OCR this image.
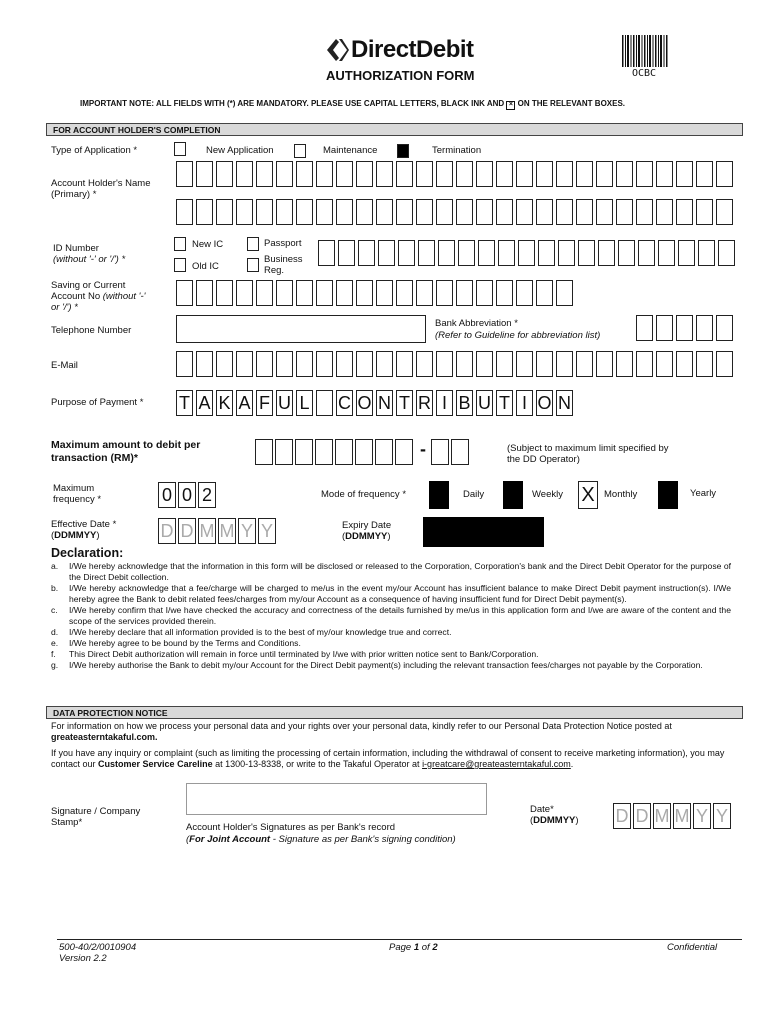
DirectDebit
AUTHORIZATION FORM	OCBC
IMPORTANT NOTE: ALL FIELDS WITH (*) ARE MANDATORY. PLEASE USE CAPITAL LETTERS, BLACK INK AND × ON THE RELEVANT BOXES.
FOR ACCOUNT HOLDER'S COMPLETION
Type of Application *	New Application	Maintenance	Termination
Account Holder's Name (Primary) *
ID Number
(without '-' or '/') *
New IC
Old IC
Passport
Business Reg.
Saving or Current
Account No (without '-'
or '/') *
Telephone Number
Bank Abbreviation *
(Refer to Guideline for abbreviation list)
E-Mail
Purpose of Payment * T A K A F U L C O N T R I B U T I O N
Maximum amount to debit per transaction (RM)*	-	(Subject to maximum limit specified by
the DD Operator)
Maximum
frequency *	0 0 2	Mode of frequency *	Daily	Weekly X Monthly	Yearly
Effective Date *
(DDMMYY)	D D M M Y Y	Expiry Date
(DDMMYY)
Declaration:
a.	I/We hereby acknowledge that the information in this form will be disclosed or released to the Corporation, Corporation's bank and the Direct Debit Operator for the purpose of the Direct Debit collection.
b.	I/We hereby acknowledge that a fee/charge will be charged to me/us in the event my/our Account has insufficient balance to make Direct Debit payment instruction(s). I/We hereby agree the Bank to debit related fees/charges from my/our Account as a consequence of having insufficient fund for Direct Debit payment(s).
c.	I/We hereby confirm that I/we have checked the accuracy and correctness of the details furnished by me/us in this application form and I/we are aware of the content and the scope of the services provided therein.
d.	I/We hereby declare that all information provided is to the best of my/our knowledge true and correct.
e.	I/We hereby agree to be bound by the Terms and Conditions.
f.	This Direct Debit authorization will remain in force until terminated by I/we with prior written notice sent to Bank/Corporation.
g.	I/We hereby authorise the Bank to debit my/our Account for the Direct Debit payment(s) including the relevant transaction fees/charges not payable by the Corporation.
DATA PROTECTION NOTICE
For information on how we process your personal data and your rights over your personal data, kindly refer to our Personal Data Protection Notice posted at greateasterntakaful.com.
If you have any inquiry or complaint (such as limiting the processing of certain information, including the withdrawal of consent to receive marketing information), you may contact our Customer Service Careline at 1300-13-8338, or write to the Takaful Operator at i-greatcare@greateasterntakaful.com.
Signature / Company
Stamp*	Account Holder's Signatures as per Bank's record
(For Joint Account - Signature as per Bank's signing condition)
Date*
(DDMMYY) D D M M Y Y
500-40/2/0010904
Version 2.2
Page 1 of 2	Confidential
